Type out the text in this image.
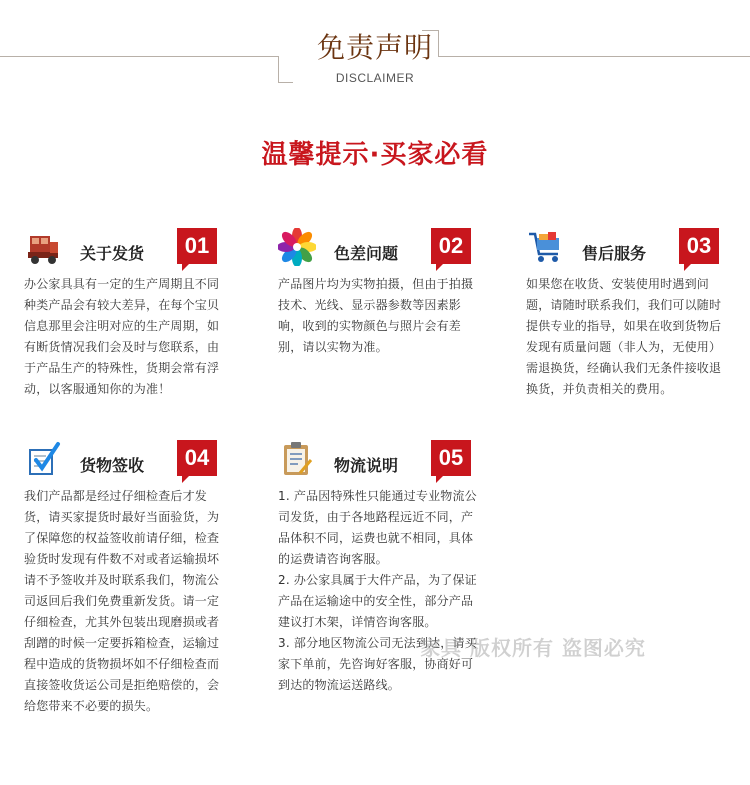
免责声明
DISCLAIMER
温馨提示·买家必看
关于发货	01
办公家具具有一定的生产周期且不同种类产品会有较大差异，在每个宝贝信息那里会注明对应的生产周期，如有断货情况我们会及时与您联系，由于产品生产的特殊性，货期会常有浮动，以客服通知你的为准！
色差问题	02
产品图片均为实物拍摄，但由于拍摄技术、光线、显示器参数等因素影响，收到的实物颜色与照片会有差别，请以实物为准。
售后服务	03
如果您在收货、安装使用时遇到问题，请随时联系我们，我们可以随时提供专业的指导，如果在收到货物后发现有质量问题（非人为，无使用）需退换货，经确认我们无条件接收退换货，并负责相关的费用。
货物签收	04
我们产品都是经过仔细检查后才发货，请买家提货时最好当面验货，为了保障您的权益签收前请仔细，检查验货时发现有件数不对或者运输损坏请不予签收并及时联系我们，物流公司返回后我们免费重新发货。请一定仔细检查，尤其外包装出现磨损或者刮蹭的时候一定要拆箱检查，运输过程中造成的货物损坏如不仔细检查而直接签收货运公司是拒绝赔偿的，会给您带来不必要的损失。
物流说明	05
1. 产品因特殊性只能通过专业物流公司发货，由于各地路程远近不同，产品体积不同，运费也就不相同，具体的运费请咨询客服。
2. 办公家具属于大件产品，为了保证产品在运输途中的安全性，部分产品建议打木架，详情咨询客服。
3. 部分地区物流公司无法到达，请买家下单前，先咨询好客服，协商好可到达的物流运送路线。
家具 版权所有 盗图必究
